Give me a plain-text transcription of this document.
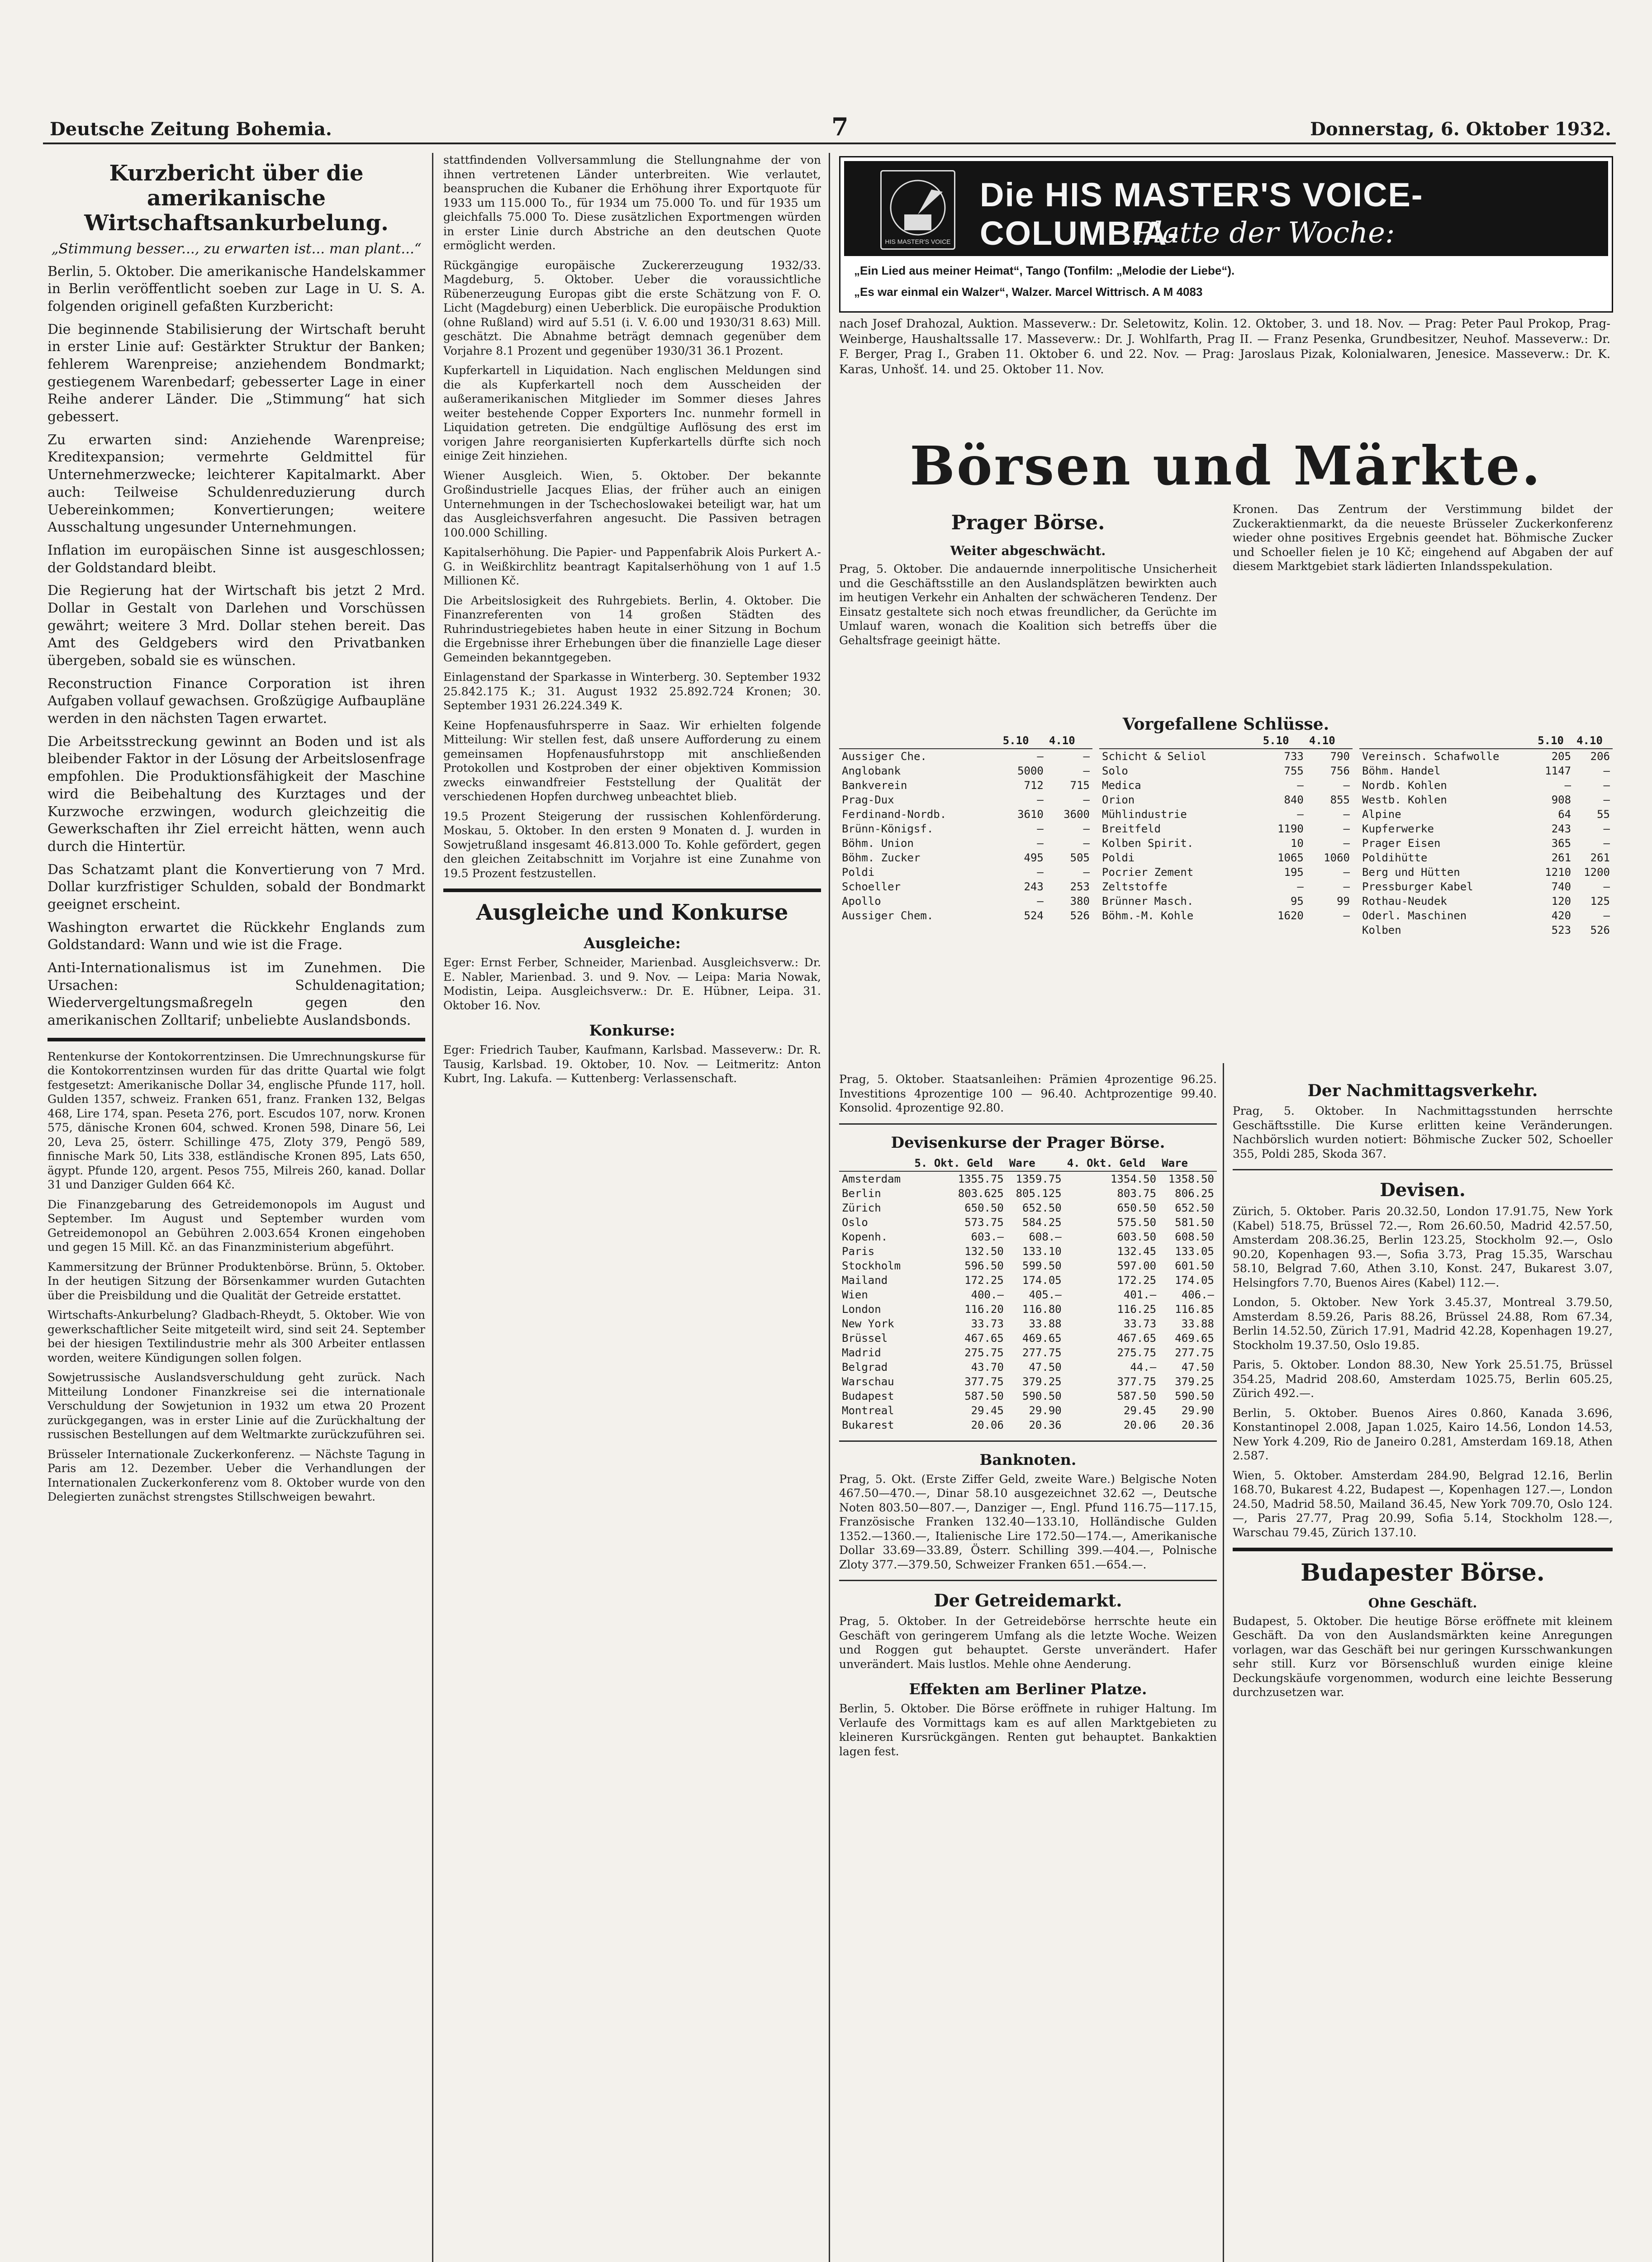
Deutsche Zeitung Bohemia.	7	Donnerstag, 6. Oktober 1932.
Kurzbericht über die amerikanische Wirtschaftsankurbelung.
„Stimmung besser..., zu erwarten ist... man plant...“

Berlin, 5. Oktober. Die amerikanische Handelskammer in Berlin veröffentlicht soeben zur Lage in U. S. A. folgenden originell gefaßten Kurzbericht:

Die beginnende Stabilisierung der Wirtschaft beruht in erster Linie auf: Gestärkter Struktur der Banken; fehlerem Warenpreise; anziehendem Bondmarkt; gestiegenem Warenbedarf; gebesserter Lage in einer Reihe anderer Länder. Die „Stimmung“ hat sich gebessert.

Zu erwarten sind: Anziehende Warenpreise; Kreditexpansion; vermehrte Geldmittel für Unternehmerzwecke; leichterer Kapitalmarkt. Aber auch: Teilweise Schuldenreduzierung durch Uebereinkommen; Konvertierungen; weitere Ausschaltung ungesunder Unternehmungen.

Inflation im europäischen Sinne ist ausgeschlossen; der Goldstandard bleibt.

Die Regierung hat der Wirtschaft bis jetzt 2 Mrd. Dollar in Gestalt von Darlehen und Vorschüssen gewährt; weitere 3 Mrd. Dollar stehen bereit. Das Amt des Geldgebers wird den Privatbanken übergeben, sobald sie es wünschen.

Reconstruction Finance Corporation ist ihren Aufgaben vollauf gewachsen. Großzügige Aufbaupläne werden in den nächsten Tagen erwartet.

Die Arbeitsstreckung gewinnt an Boden und ist als bleibender Faktor in der Lösung der Arbeitslosenfrage empfohlen. Die Produktionsfähigkeit der Maschine wird die Beibehaltung des Kurztages und der Kurzwoche erzwingen, wodurch gleichzeitig die Gewerkschaften ihr Ziel erreicht hätten, wenn auch durch die Hintertür.

Das Schatzamt plant die Konvertierung von 7 Mrd. Dollar kurzfristiger Schulden, sobald der Bondmarkt geeignet erscheint.

Washington erwartet die Rückkehr Englands zum Goldstandard: Wann und wie ist die Frage.

Anti-Internationalismus ist im Zunehmen. Die Ursachen: Schuldenagitation; Wiedervergeltungsmaßregeln gegen den amerikanischen Zolltarif; unbeliebte Auslandsbonds.

Rentenkurse der Kontokorrentzinsen. Die Umrechnungskurse für die Kontokorrentzinsen wurden für das dritte Quartal wie folgt festgesetzt: Amerikanische Dollar 34, englische Pfunde 117, holl. Gulden 1357, schweiz. Franken 651, franz. Franken 132, Belgas 468, Lire 174, span. Peseta 276, port. Escudos 107, norw. Kronen 575, dänische Kronen 604, schwed. Kronen 598, Dinare 56, Lei 20, Leva 25, österr. Schillinge 475, Zloty 379, Pengö 589, finnische Mark 50, Lits 338, estländische Kronen 895, Lats 650, ägypt. Pfunde 120, argent. Pesos 755, Milreis 260, kanad. Dollar 31 und Danziger Gulden 664 Kč.

Die Finanzgebarung des Getreidemonopols im August und September. Im August und September wurden vom Getreidemonopol an Gebühren 2.003.654 Kronen eingehoben und gegen 15 Mill. Kč. an das Finanzministerium abgeführt.

Kammersitzung der Brünner Produktenbörse. Brünn, 5. Oktober. In der heutigen Sitzung der Börsenkammer wurden Gutachten über die Preisbildung und die Qualität der Getreide erstattet.

Wirtschafts-Ankurbelung? Gladbach-Rheydt, 5. Oktober. Wie von gewerkschaftlicher Seite mitgeteilt wird, sind seit 24. September bei der hiesigen Textilindustrie mehr als 300 Arbeiter entlassen worden, weitere Kündigungen sollen folgen.

Sowjetrussische Auslandsverschuldung geht zurück. Nach Mitteilung Londoner Finanzkreise sei die internationale Verschuldung der Sowjetunion in 1932 um etwa 20 Prozent zurückgegangen, was in erster Linie auf die Zurückhaltung der russischen Bestellungen auf dem Weltmarkte zurückzuführen sei.

Brüsseler Internationale Zuckerkonferenz. — Nächste Tagung in Paris am 12. Dezember. Ueber die Verhandlungen der Internationalen Zuckerkonferenz vom 8. Oktober wurde von den Delegierten zunächst strengstes Stillschweigen bewahrt.

stattfindenden Vollversammlung die Stellungnahme der von ihnen vertretenen Länder unterbreiten. Wie verlautet, beanspruchen die Kubaner die Erhöhung ihrer Exportquote für 1933 um 115.000 To., für 1934 um 75.000 To. und für 1935 um gleichfalls 75.000 To. Diese zusätzlichen Exportmengen würden in erster Linie durch Abstriche an den deutschen Quote ermöglicht werden.

Rückgängige europäische Zuckererzeugung 1932/33. Magdeburg, 5. Oktober. Ueber die voraussichtliche Rübenerzeugung Europas gibt die erste Schätzung von F. O. Licht (Magdeburg) einen Ueberblick. Die europäische Produktion (ohne Rußland) wird auf 5.51 (i. V. 6.00 und 1930/31 8.63) Mill. geschätzt. Die Abnahme beträgt demnach gegenüber dem Vorjahre 8.1 Prozent und gegenüber 1930/31 36.1 Prozent.

Kupferkartell in Liquidation. Nach englischen Meldungen sind die als Kupferkartell noch dem Ausscheiden der außeramerikanischen Mitglieder im Sommer dieses Jahres weiter bestehende Copper Exporters Inc. nunmehr formell in Liquidation getreten. Die endgültige Auflösung des erst im vorigen Jahre reorganisierten Kupferkartells dürfte sich noch einige Zeit hinziehen.

Wiener Ausgleich. Wien, 5. Oktober. Der bekannte Großindustrielle Jacques Elias, der früher auch an einigen Unternehmungen in der Tschechoslowakei beteiligt war, hat um das Ausgleichsverfahren angesucht. Die Passiven betragen 100.000 Schilling.

Kapitalserhöhung. Die Papier- und Pappenfabrik Alois Purkert A.-G. in Weißkirchlitz beantragt Kapitalserhöhung von 1 auf 1.5 Millionen Kč.

Die Arbeitslosigkeit des Ruhrgebiets. Berlin, 4. Oktober. Die Finanzreferenten von 14 großen Städten des Ruhrindustriegebietes haben heute in einer Sitzung in Bochum die Ergebnisse ihrer Erhebungen über die finanzielle Lage dieser Gemeinden bekanntgegeben.

Einlagenstand der Sparkasse in Winterberg. 30. September 1932 25.842.175 K.; 31. August 1932 25.892.724 Kronen; 30. September 1931 26.224.349 K.

Keine Hopfenausfuhrsperre in Saaz. Wir erhielten folgende Mitteilung: Wir stellen fest, daß unsere Aufforderung zu einem gemeinsamen Hopfenausfuhrstopp mit anschließenden Protokollen und Kostproben der einer objektiven Kommission zwecks einwandfreier Feststellung der Qualität der verschiedenen Hopfen durchweg unbeachtet blieb.

19.5 Prozent Steigerung der russischen Kohlenförderung. Moskau, 5. Oktober. In den ersten 9 Monaten d. J. wurden in Sowjetrußland insgesamt 46.813.000 To. Kohle gefördert, gegen den gleichen Zeitabschnitt im Vorjahre ist eine Zunahme von 19.5 Prozent festzustellen.

Ausgleiche und Konkurse
Ausgleiche:

Eger: Ernst Ferber, Schneider, Marienbad. Ausgleichsverw.: Dr. E. Nabler, Marienbad. 3. und 9. Nov. — Leipa: Maria Nowak, Modistin, Leipa. Ausgleichsverw.: Dr. E. Hübner, Leipa. 31. Oktober 16. Nov.

Konkurse:

Eger: Friedrich Tauber, Kaufmann, Karlsbad. Masseverw.: Dr. R. Tausig, Karlsbad. 19. Oktober, 10. Nov. — Leitmeritz: Anton Kubrt, Ing. Lakufa. — Kuttenberg: Verlassenschaft.

HIS MASTER'S VOICE
Die HIS MASTER'S VOICE-COLUMBIA-
Platte der Woche:
„Ein Lied aus meiner Heimat“, Tango (Tonfilm: „Melodie der Liebe“).
„Es war einmal ein Walzer“, Walzer. Marcel Wittrisch. A M 4083

nach Josef Drahozal, Auktion. Masseverw.: Dr. Seletowitz, Kolin. 12. Oktober, 3. und 18. Nov. — Prag: Peter Paul Prokop, Prag-Weinberge, Haushaltssalle 17. Masseverw.: Dr. J. Wohlfarth, Prag II. — Franz Pesenka, Grundbesitzer, Neuhof. Masseverw.: Dr. F. Berger, Prag I., Graben 11. Oktober 6. und 22. Nov. — Prag: Jaroslaus Pizak, Kolonialwaren, Jenesice. Masseverw.: Dr. K. Karas, Unhošť. 14. und 25. Oktober 11. Nov.

Börsen und Märkte.
Prager Börse.
Weiter abgeschwächt.

Prag, 5. Oktober. Die andauernde innerpolitische Unsicherheit und die Geschäftsstille an den Auslandsplätzen bewirkten auch im heutigen Verkehr ein Anhalten der schwächeren Tendenz. Der Einsatz gestaltete sich noch etwas freundlicher, da Gerüchte im Umlauf waren, wonach die Koalition sich betreffs über die Gehaltsfrage geeinigt hätte.

Kronen. Das Zentrum der Verstimmung bildet der Zuckeraktienmarkt, da die neueste Brüsseler Zuckerkonferenz wieder ohne positives Ergebnis geendet hat. Böhmische Zucker und Schoeller fielen je 10 Kč; eingehend auf Abgaben der auf diesem Marktgebiet stark lädierten Inlandsspekulation.

Vorgefallene Schlüsse.
	5.10	4.10
Aussiger Che.	—	—
Anglobank	5000	—
Bankverein	712	715
Prag-Dux	—	—
Ferdinand-Nordb.	3610	3600
Brünn-Königsf.	—	—
Böhm. Union	—	—
Böhm. Zucker	495	505
Poldi	—	—
Schoeller	243	253
Apollo	—	380
Aussiger Chem.	524	526
	5.10	4.10
Schicht & Seliol	733	790
Solo	755	756
Medica	—	—
Orion	840	855
Mühlindustrie	—	—
Breitfeld	1190	—
Kolben Spirit.	10	—
Poldi	1065	1060
Pocrier Zement	195	—
Zeltstoffe	—	—
Brünner Masch.	95	99
Böhm.-M. Kohle	1620	—
	5.10	4.10
Vereinsch. Schafwolle	205	206
Böhm. Handel	1147	—
Nordb. Kohlen	—	—
Westb. Kohlen	908	—
Alpine	64	55
Kupferwerke	243	—
Prager Eisen	365	—
Poldihütte	261	261
Berg und Hütten	1210	1200
Pressburger Kabel	740	—
Rothau-Neudek	120	125
Oderl. Maschinen	420	—
Kolben	523	526

Prag, 5. Oktober. Staatsanleihen: Prämien 4prozentige 96.25. Investitions 4prozentige 100 — 96.40. Achtprozentige 99.40. Konsolid. 4prozentige 92.80.

Devisenkurse der Prager Börse.
	5. Okt. Geld	Ware	4. Okt. Geld	Ware
Amsterdam	1355.75	1359.75	1354.50	1358.50
Berlin	803.625	805.125	803.75	806.25
Zürich	650.50	652.50	650.50	652.50
Oslo	573.75	584.25	575.50	581.50
Kopenh.	603.—	608.—	603.50	608.50
Paris	132.50	133.10	132.45	133.05
Stockholm	596.50	599.50	597.00	601.50
Mailand	172.25	174.05	172.25	174.05
Wien	400.—	405.—	401.—	406.—
London	116.20	116.80	116.25	116.85
New York	33.73	33.88	33.73	33.88
Brüssel	467.65	469.65	467.65	469.65
Madrid	275.75	277.75	275.75	277.75
Belgrad	43.70	47.50	44.—	47.50
Warschau	377.75	379.25	377.75	379.25
Budapest	587.50	590.50	587.50	590.50
Montreal	29.45	29.90	29.45	29.90
Bukarest	20.06	20.36	20.06	20.36
Banknoten.

Prag, 5. Okt. (Erste Ziffer Geld, zweite Ware.) Belgische Noten 467.50—470.—, Dinar 58.10 ausgezeichnet 32.62 —, Deutsche Noten 803.50—807.—, Danziger —, Engl. Pfund 116.75—117.15, Französische Franken 132.40—133.10, Holländische Gulden 1352.—1360.—, Italienische Lire 172.50—174.—, Amerikanische Dollar 33.69—33.89, Österr. Schilling 399.—404.—, Polnische Zloty 377.—379.50, Schweizer Franken 651.—654.—.

Der Getreidemarkt.

Prag, 5. Oktober. In der Getreidebörse herrschte heute ein Geschäft von geringerem Umfang als die letzte Woche. Weizen und Roggen gut behauptet. Gerste unverändert. Hafer unverändert. Mais lustlos. Mehle ohne Aenderung.

Effekten am Berliner Platze.

Berlin, 5. Oktober. Die Börse eröffnete in ruhiger Haltung. Im Verlaufe des Vormittags kam es auf allen Marktgebieten zu kleineren Kursrückgängen. Renten gut behauptet. Bankaktien lagen fest.

Der Nachmittagsverkehr.

Prag, 5. Oktober. In Nachmittagsstunden herrschte Geschäftsstille. Die Kurse erlitten keine Veränderungen. Nachbörslich wurden notiert: Böhmische Zucker 502, Schoeller 355, Poldi 285, Skoda 367.

Devisen.

Zürich, 5. Oktober. Paris 20.32.50, London 17.91.75, New York (Kabel) 518.75, Brüssel 72.—, Rom 26.60.50, Madrid 42.57.50, Amsterdam 208.36.25, Berlin 123.25, Stockholm 92.—, Oslo 90.20, Kopenhagen 93.—, Sofia 3.73, Prag 15.35, Warschau 58.10, Belgrad 7.60, Athen 3.10, Konst. 247, Bukarest 3.07, Helsingfors 7.70, Buenos Aires (Kabel) 112.—.

London, 5. Oktober. New York 3.45.37, Montreal 3.79.50, Amsterdam 8.59.26, Paris 88.26, Brüssel 24.88, Rom 67.34, Berlin 14.52.50, Zürich 17.91, Madrid 42.28, Kopenhagen 19.27, Stockholm 19.37.50, Oslo 19.85.

Paris, 5. Oktober. London 88.30, New York 25.51.75, Brüssel 354.25, Madrid 208.60, Amsterdam 1025.75, Berlin 605.25, Zürich 492.—.

Berlin, 5. Oktober. Buenos Aires 0.860, Kanada 3.696, Konstantinopel 2.008, Japan 1.025, Kairo 14.56, London 14.53, New York 4.209, Rio de Janeiro 0.281, Amsterdam 169.18, Athen 2.587.

Wien, 5. Oktober. Amsterdam 284.90, Belgrad 12.16, Berlin 168.70, Bukarest 4.22, Budapest —, Kopenhagen 127.—, London 24.50, Madrid 58.50, Mailand 36.45, New York 709.70, Oslo 124.—, Paris 27.77, Prag 20.99, Sofia 5.14, Stockholm 128.—, Warschau 79.45, Zürich 137.10.

Budapester Börse.
Ohne Geschäft.

Budapest, 5. Oktober. Die heutige Börse eröffnete mit kleinem Geschäft. Da von den Auslandsmärkten keine Anregungen vorlagen, war das Geschäft bei nur geringen Kursschwankungen sehr still. Kurz vor Börsenschluß wurden einige kleine Deckungskäufe vorgenommen, wodurch eine leichte Besserung durchzusetzen war.
